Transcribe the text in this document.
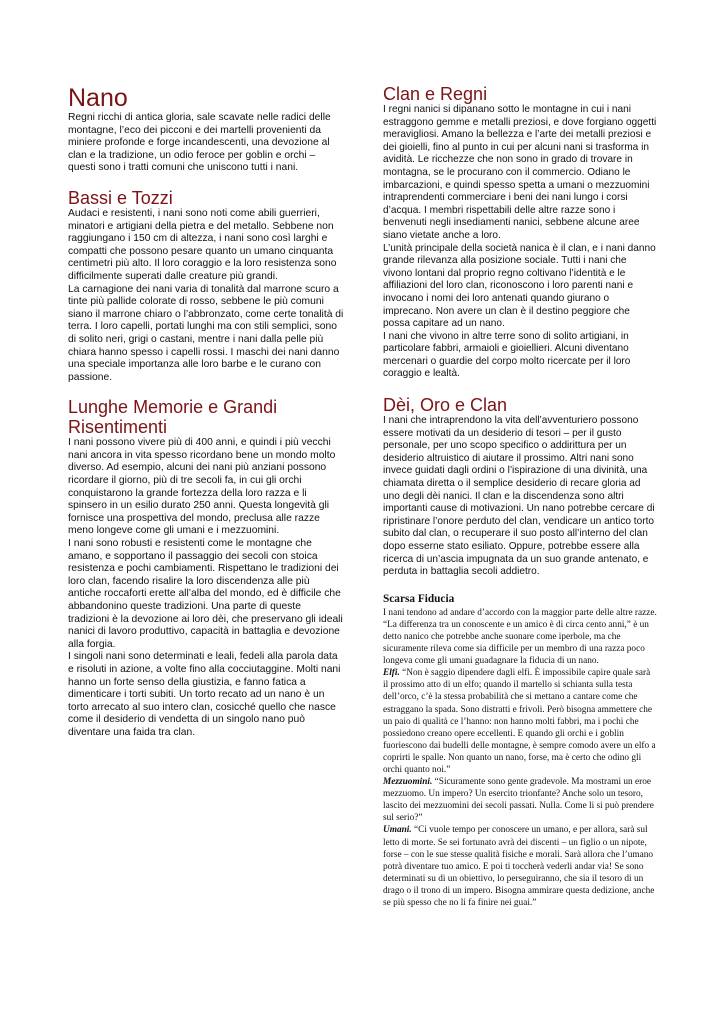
Nano

Regni ricchi di antica gloria, sale scavate nelle radici delle montagne, l’eco dei picconi e dei martelli provenienti da miniere profonde e forge incandescenti, una devozione al clan e la tradizione, un odio feroce per goblin e orchi – questi sono i tratti comuni che uniscono tutti i nani.

Bassi e Tozzi

Audaci e resistenti, i nani sono noti come abili guerrieri, minatori e artigiani della pietra e del metallo. Sebbene non raggiungano i 150 cm di altezza, i nani sono così larghi e compatti che possono pesare quanto un umano cinquanta centimetri più alto. Il loro coraggio e la loro resistenza sono difficilmente superati dalle creature più grandi.

La carnagione dei nani varia di tonalità dal marrone scuro a tinte più pallide colorate di rosso, sebbene le più comuni siano il marrone chiaro o l’abbronzato, come certe tonalità di terra. I loro capelli, portati lunghi ma con stili semplici, sono di solito neri, grigi o castani, mentre i nani dalla pelle più chiara hanno spesso i capelli rossi. I maschi dei nani danno una speciale importanza alle loro barbe e le curano con passione.

Lunghe Memorie e Grandi Risentimenti

I nani possono vivere più di 400 anni, e quindi i più vecchi nani ancora in vita spesso ricordano bene un mondo molto diverso. Ad esempio, alcuni dei nani più anziani possono ricordare il giorno, più di tre secoli fa, in cui gli orchi conquistarono la grande fortezza della loro razza e li spinsero in un esilio durato 250 anni. Questa longevità gli fornisce una prospettiva del mondo, preclusa alle razze meno longeve come gli umani e i mezzuomini.

I nani sono robusti e resistenti come le montagne che amano, e sopportano il passaggio dei secoli con stoica resistenza e pochi cambiamenti. Rispettano le tradizioni dei loro clan, facendo risalire la loro discendenza alle più antiche roccaforti erette all’alba del mondo, ed è difficile che abbandonino queste tradizioni. Una parte di queste tradizioni è la devozione ai loro dèi, che preservano gli ideali nanici di lavoro produttivo, capacità in battaglia e devozione alla forgia.

I singoli nani sono determinati e leali, fedeli alla parola data e risoluti in azione, a volte fino alla cocciutaggine. Molti nani hanno un forte senso della giustizia, e fanno fatica a dimenticare i torti subiti. Un torto recato ad un nano è un torto arrecato al suo intero clan, cosicché quello che nasce come il desiderio di vendetta di un singolo nano può diventare una faida tra clan.

Clan e Regni

I regni nanici si dipanano sotto le montagne in cui i nani estraggono gemme e metalli preziosi, e dove forgiano oggetti meravigliosi. Amano la bellezza e l’arte dei metalli preziosi e dei gioielli, fino al punto in cui per alcuni nani si trasforma in avidità. Le ricchezze che non sono in grado di trovare in montagna, se le procurano con il commercio. Odiano le imbarcazioni, e quindi spesso spetta a umani o mezzuomini intraprendenti commerciare i beni dei nani lungo i corsi d’acqua. I membri rispettabili delle altre razze sono i benvenuti negli insediamenti nanici, sebbene alcune aree siano vietate anche a loro.

L’unità principale della società nanica è il clan, e i nani danno grande rilevanza alla posizione sociale. Tutti i nani che vivono lontani dal proprio regno coltivano l’identità e le affiliazioni del loro clan, riconoscono i loro parenti nani e invocano i nomi dei loro antenati quando giurano o imprecano. Non avere un clan è il destino peggiore che possa capitare ad un nano.

I nani che vivono in altre terre sono di solito artigiani, in particolare fabbri, armaioli e gioiellieri. Alcuni diventano mercenari o guardie del corpo molto ricercate per il loro coraggio e lealtà.

Dèi, Oro e Clan

I nani che intraprendono la vita dell’avventuriero possono essere motivati da un desiderio di tesori – per il gusto personale, per uno scopo specifico o addirittura per un desiderio altruistico di aiutare il prossimo. Altri nani sono invece guidati dagli ordini o l’ispirazione di una divinità, una chiamata diretta o il semplice desiderio di recare gloria ad uno degli dèi nanici. Il clan e la discendenza sono altri importanti cause di motivazioni. Un nano potrebbe cercare di ripristinare l’onore perduto del clan, vendicare un antico torto subito dal clan, o recuperare il suo posto all’interno del clan dopo esserne stato esiliato. Oppure, potrebbe essere alla ricerca di un’ascia impugnata da un suo grande antenato, e perduta in battaglia secoli addietro.

Scarsa Fiducia

I nani tendono ad andare d’accordo con la maggior parte delle altre razze. “La differenza tra un conoscente e un amico è di circa cento anni,” è un detto nanico che potrebbe anche suonare come iperbole, ma che sicuramente rileva come sia difficile per un membro di una razza poco longeva come gli umani guadagnare la fiducia di un nano.

Elfi. “Non è saggio dipendere dagli elfi. È impossibile capire quale sarà il prossimo atto di un elfo; quando il martello si schianta sulla testa dell’orco, c’è la stessa probabilità che si mettano a cantare come che estraggano la spada. Sono distratti e frivoli. Però bisogna ammettere che un paio di qualità ce l’hanno: non hanno molti fabbri, ma i pochi che possiedono creano opere eccellenti. E quando gli orchi e i goblin fuoriescono dai budelli delle montagne, è sempre comodo avere un elfo a coprirti le spalle. Non quanto un nano, forse, ma è certo che odino gli orchi quanto noi.”

Mezzuomini. “Sicuramente sono gente gradevole. Ma mostrami un eroe mezzuomo. Un impero? Un esercito trionfante? Anche solo un tesoro, lascito dei mezzuomini dei secoli passati. Nulla. Come li si può prendere sul serio?”

Umani. “Ci vuole tempo per conoscere un umano, e per allora, sarà sul letto di morte. Se sei fortunato avrà dei discenti – un figlio o un nipote, forse – con le sue stesse qualità fisiche e morali. Sarà allora che l’umano potrà diventare tuo amico. E poi ti toccherà vederli andar via! Se sono determinati su di un obiettivo, lo perseguiranno, che sia il tesoro di un drago o il trono di un impero. Bisogna ammirare questa dedizione, anche se più spesso che no li fa finire nei guai.”
